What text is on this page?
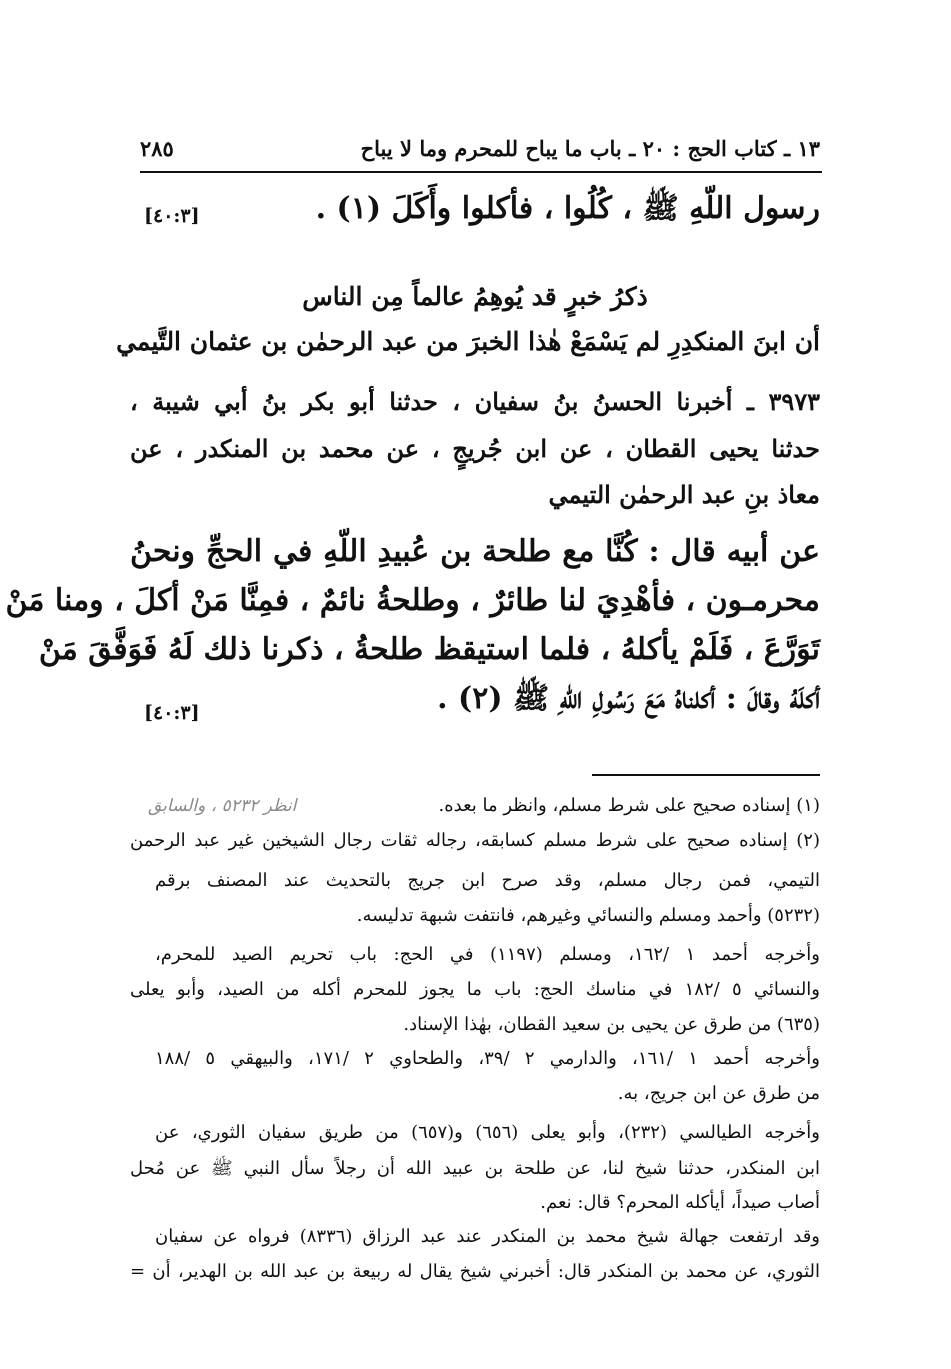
١٣ ـ كتاب الحج : ٢٠ ـ باب ما يباح للمحرم وما لا يباح
٢٨٥
رسول اللّهِ ﷺ ، كُلُوا ، فأكلوا وأَكَلَ (١) .
[٤٠:٣]
ذكرُ خبرٍ قد يُوهِمُ عالماً مِن الناس
أن ابنَ المنكدِرِ لم يَسْمَعْ هٰذا الخبرَ من عبد الرحمٰن بن عثمان التَّيمي
٣٩٧٣ ـ أخبرنا الحسنُ بنُ سفيان ، حدثنا أبو بكر بنُ أبي شيبة ،
حدثنا يحيى القطان ، عن ابن جُريجٍ ، عن محمد بن المنكدر ، عن
معاذ بنِ عبد الرحمٰن التيمي
عن أبيه قال : كُنَّا مع طلحة بن عُبيدِ اللّهِ في الحجِّ ونحنُ
محرمـون ، فأهْدِيَ لنا طائرٌ ، وطلحةُ نائمٌ ، فمِنَّا مَنْ أكلَ ، ومنا مَنْ
تَوَرَّعَ ، فَلَمْ يأكلهُ ، فلما استيقظ طلحةُ ، ذكرنا ذلك لَهُ فَوَفَّقَ مَنْ
أكلَهُ وقالَ : أكلناهُ مَعَ رَسُولِ اللّهِ ﷺ (٢) .
[٤٠:٣]
انظر ٥٢٣٢ ، والسابق	(١) إسناده صحيح على شرط مسلم، وانظر ما بعده.
(٢) إسناده صحيح على شرط مسلم كسابقه، رجاله ثقات رجال الشيخين غير عبد الرحمن
التيمي، فمن رجال مسلم، وقد صرح ابن جريج بالتحديث عند المصنف برقم
(٥٢٣٢) وأحمد ومسلم والنسائي وغيرهم، فانتفت شبهة تدليسه.
وأخرجه أحمد ١ /١٦٢، ومسلم (١١٩٧) في الحج: باب تحريم الصيد للمحرم،
والنسائي ٥ /١٨٢ في مناسك الحج: باب ما يجوز للمحرم أكله من الصيد، وأبو يعلى
(٦٣٥) من طرق عن يحيى بن سعيد القطان، بهٰذا الإسناد.
وأخرجه أحمد ١ /١٦١، والدارمي ٢ /٣٩، والطحاوي ٢ /١٧١، والبيهقي ٥ /١٨٨
من طرق عن ابن جريج، به.
وأخرجه الطيالسي (٢٣٢)، وأبو يعلى (٦٥٦) و(٦٥٧) من طريق سفيان الثوري، عن
ابن المنكدر، حدثنا شيخ لنا، عن طلحة بن عبيد الله أن رجلاً سأل النبي ﷺ عن مُحل
أصاب صيداً، أيأكله المحرم؟ قال: نعم.
وقد ارتفعت جهالة شيخ محمد بن المنكدر عند عبد الرزاق (٨٣٣٦) فرواه عن سفيان
الثوري، عن محمد بن المنكدر قال: أخبرني شيخ يقال له ربيعة بن عبد الله بن الهدير، أن =
